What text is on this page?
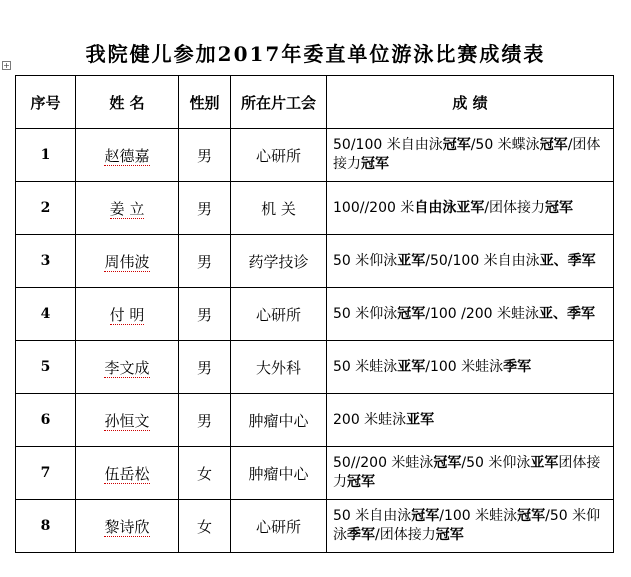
我院健儿参加2017年委直单位游泳比赛成绩表
+
序号	姓 名	性别	所在片工会	成 绩
1	赵德嘉	男	心研所	50/100 米自由泳冠军/50 米蝶泳冠军/团体接力冠军
2	姜 立	男	机 关	100//200 米自由泳亚军/团体接力冠军
3	周伟波	男	药学技诊	50 米仰泳亚军/50/100 米自由泳亚、季军
4	付 明	男	心研所	50 米仰泳冠军/100 /200 米蛙泳亚、季军
5	李文成	男	大外科	50 米蛙泳亚军/100 米蛙泳季军
6	孙恒文	男	肿瘤中心	200 米蛙泳亚军
7	伍岳松	女	肿瘤中心	50//200 米蛙泳冠军/50 米仰泳亚军团体接力冠军
8	黎诗欣	女	心研所	50 米自由泳冠军/100 米蛙泳冠军/50 米仰泳季军/团体接力冠军
